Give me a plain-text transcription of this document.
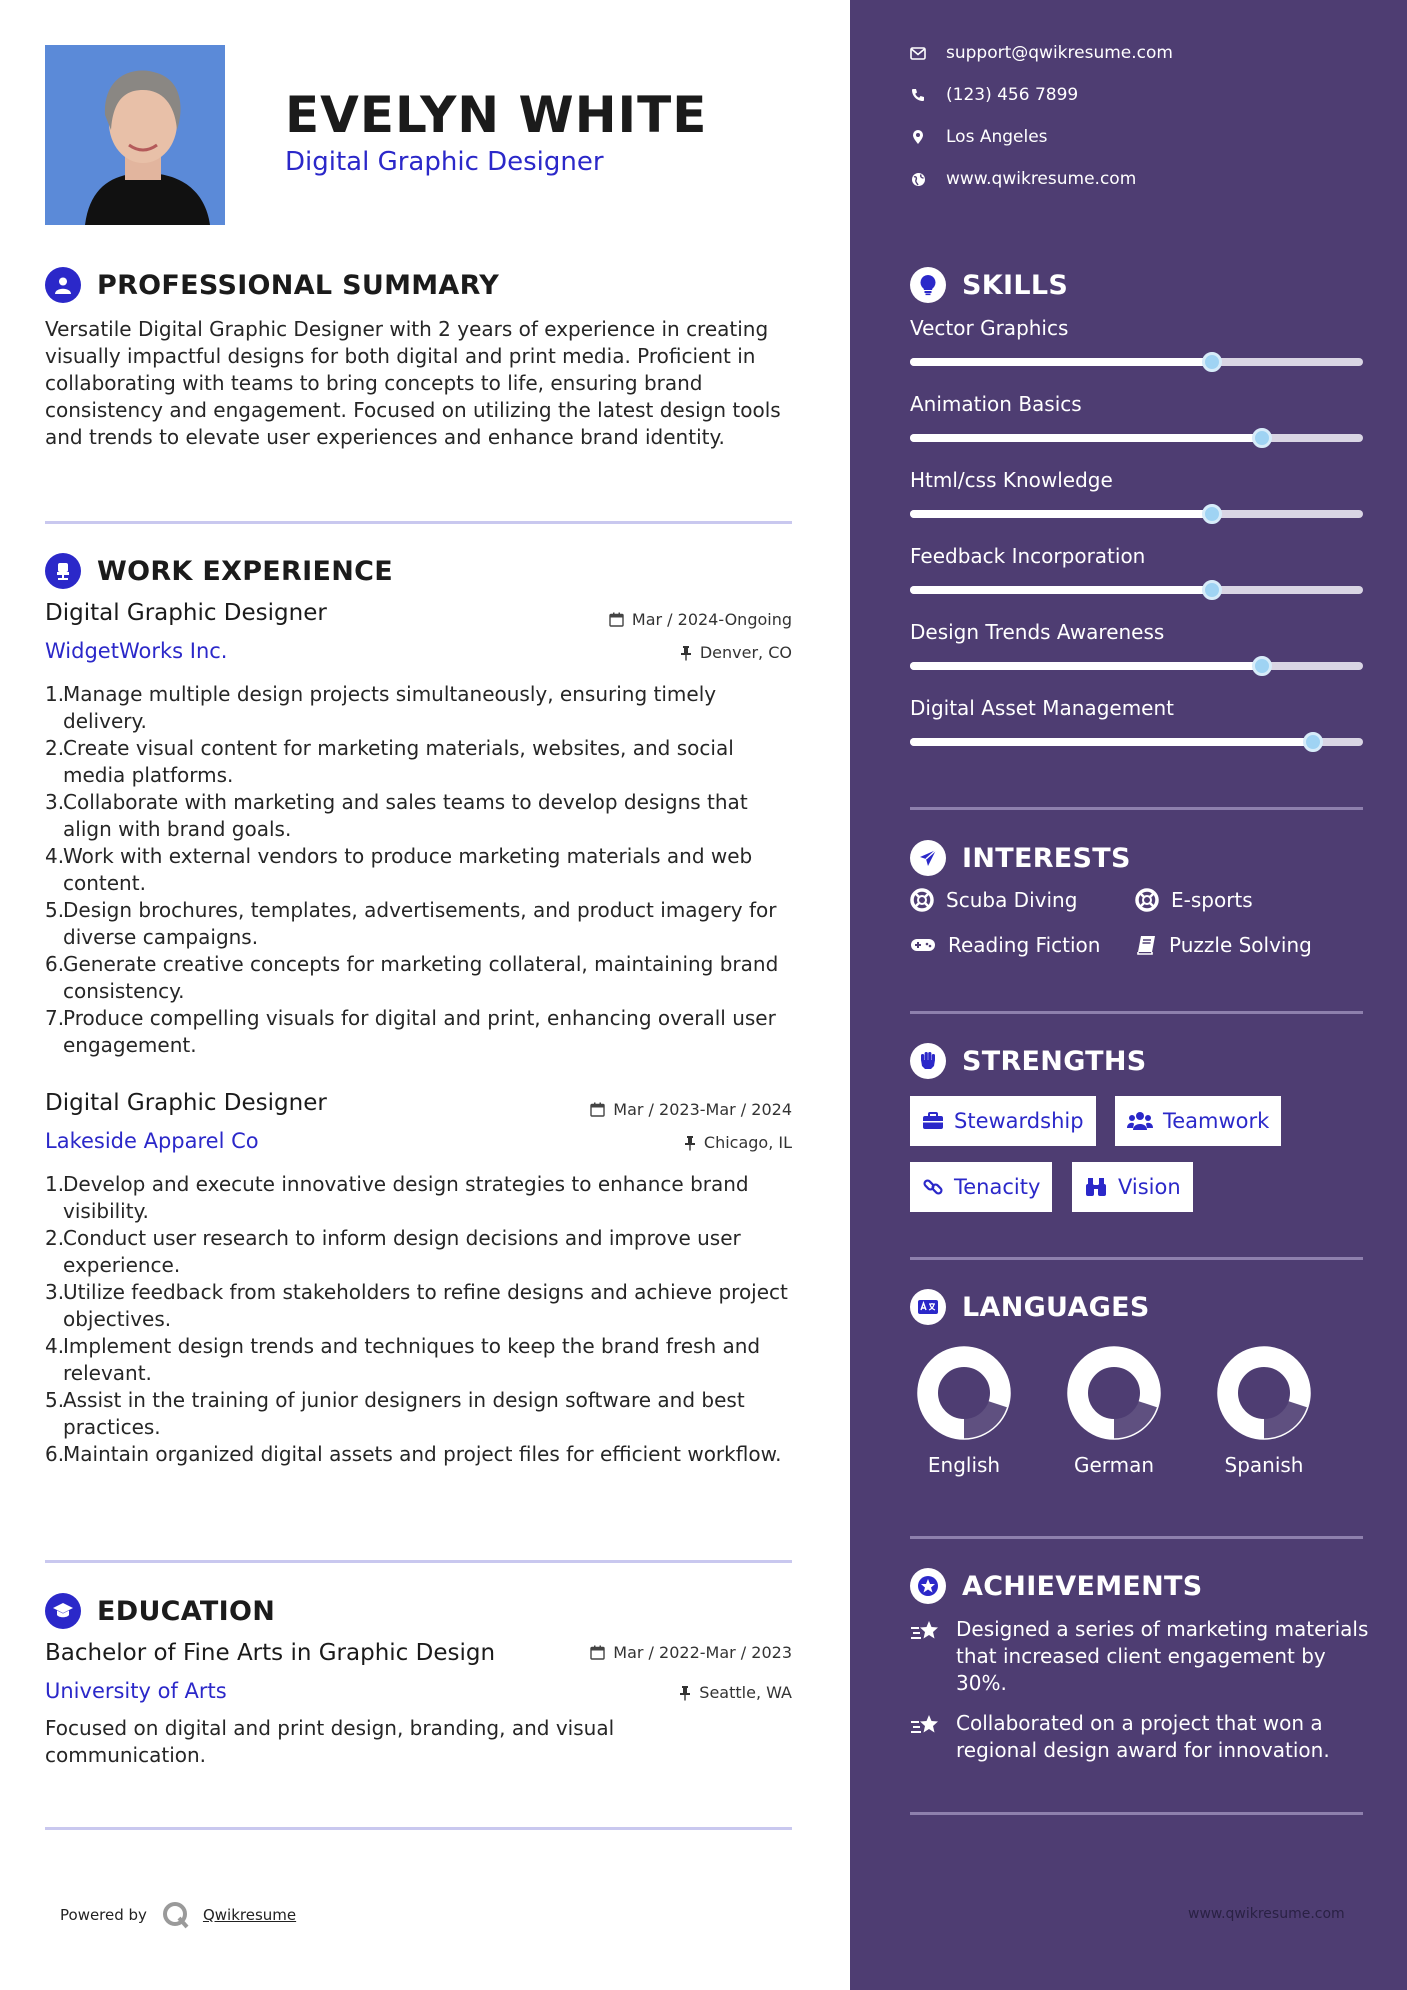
EVELYN WHITE
Digital Graphic Designer
PROFESSIONAL SUMMARY
Versatile Digital Graphic Designer with 2 years of experience in creating visually impactful designs for both digital and print media. Proficient in collaborating with teams to bring concepts to life, ensuring brand consistency and engagement. Focused on utilizing the latest design tools and trends to elevate user experiences and enhance brand identity.
WORK EXPERIENCE
Digital Graphic Designer	Mar / 2024-Ongoing
WidgetWorks Inc.	Denver, CO
1.
Manage multiple design projects simultaneously, ensuring timely delivery.
2.
Create visual content for marketing materials, websites, and social media platforms.
3.
Collaborate with marketing and sales teams to develop designs that align with brand goals.
4.
Work with external vendors to produce marketing materials and web content.
5.
Design brochures, templates, advertisements, and product imagery for diverse campaigns.
6.
Generate creative concepts for marketing collateral, maintaining brand consistency.
7.
Produce compelling visuals for digital and print, enhancing overall user engagement.
Digital Graphic Designer	Mar / 2023-Mar / 2024
Lakeside Apparel Co	Chicago, IL
1.
Develop and execute innovative design strategies to enhance brand visibility.
2.
Conduct user research to inform design decisions and improve user experience.
3.
Utilize feedback from stakeholders to refine designs and achieve project objectives.
4.
Implement design trends and techniques to keep the brand fresh and relevant.
5.
Assist in the training of junior designers in design software and best practices.
6.
Maintain organized digital assets and project files for efficient workflow.
EDUCATION
Bachelor of Fine Arts in Graphic Design	Mar / 2022-Mar / 2023
University of Arts	Seattle, WA
Focused on digital and print design, branding, and visual communication.
Powered by	Qwikresume
support@qwikresume.com
(123) 456 7899
Los Angeles
www.qwikresume.com
SKILLS
Vector Graphics
Animation Basics
Html/css Knowledge
Feedback Incorporation
Design Trends Awareness
Digital Asset Management
INTERESTS
Scuba Diving	E-sports
Reading Fiction	Puzzle Solving
STRENGTHS
Stewardship	Teamwork
Tenacity	Vision
LANGUAGES
English	German	Spanish
ACHIEVEMENTS
Designed a series of marketing materials that increased client engagement by 30%.
Collaborated on a project that won a regional design award for innovation.
www.qwikresume.com
